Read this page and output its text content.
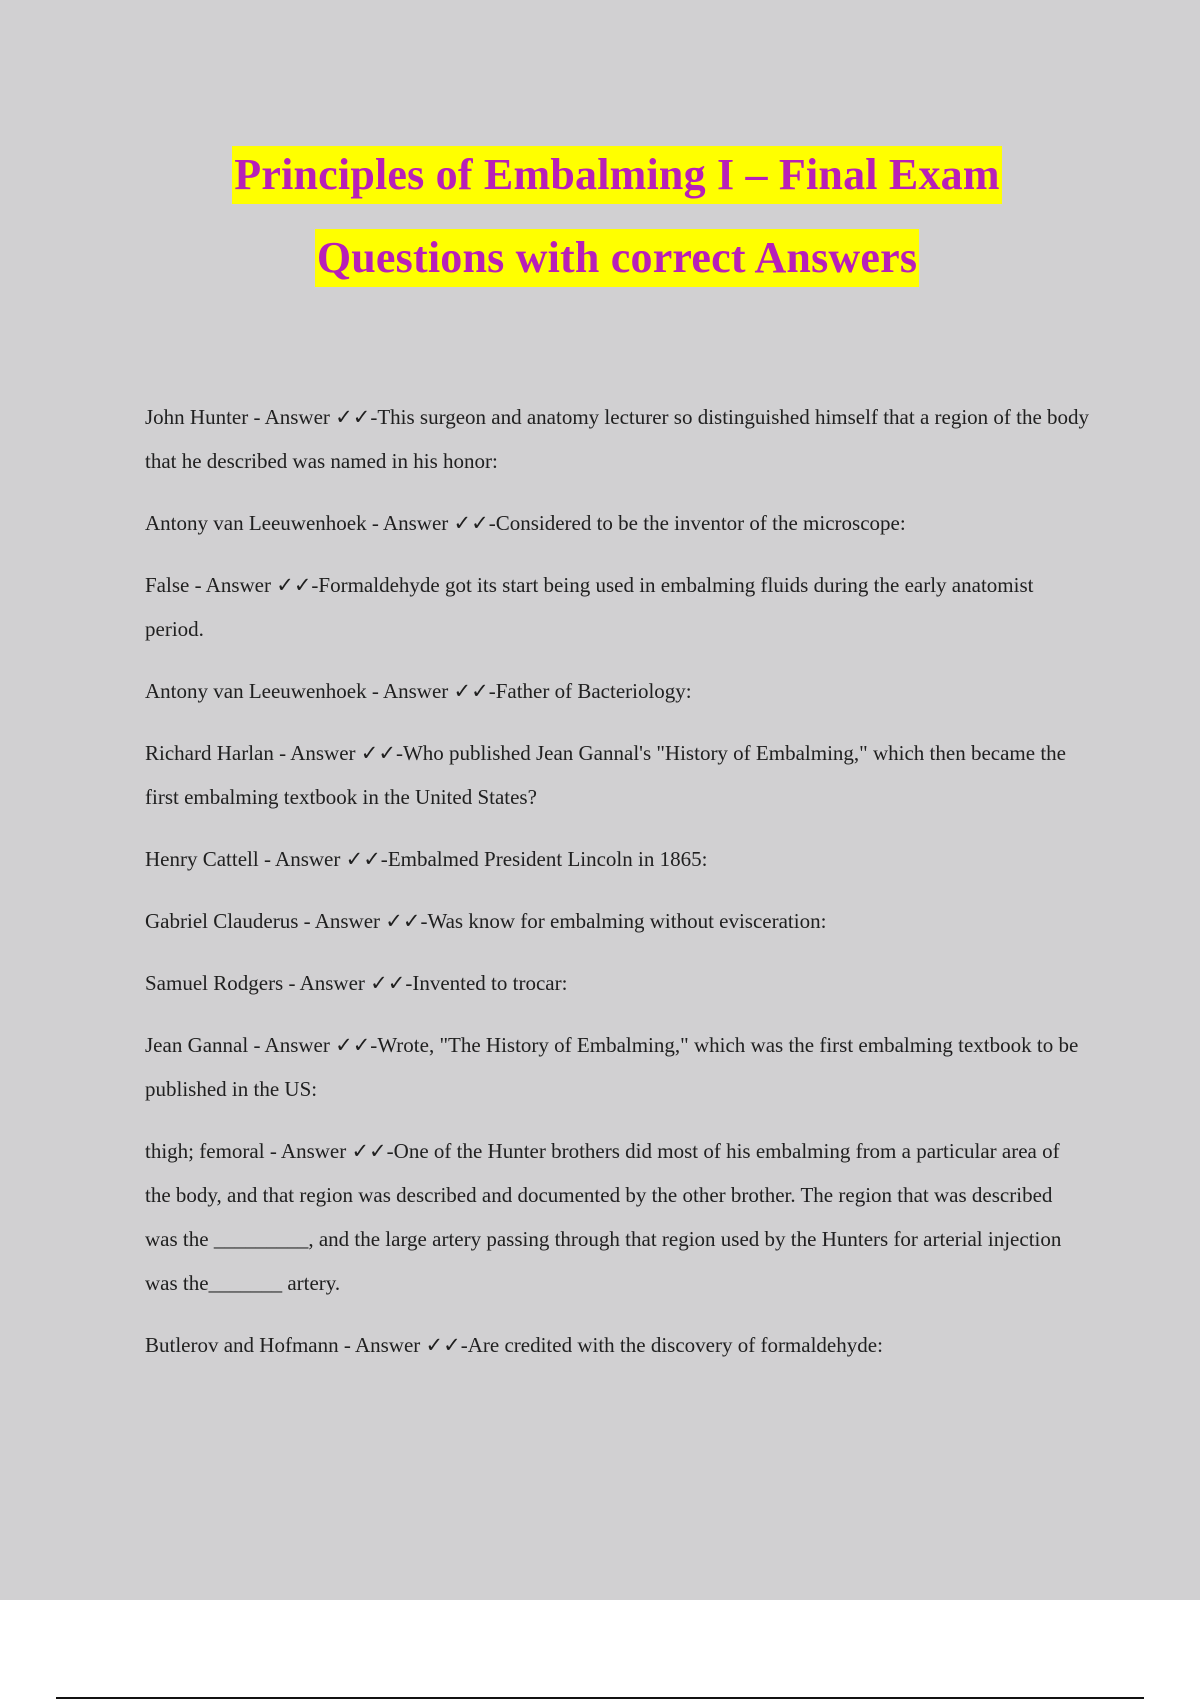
Principles of Embalming I – Final Exam
Questions with correct Answers

John Hunter - Answer ✓✓-This surgeon and anatomy lecturer so distinguished himself that a region of the body that he described was named in his honor:

Antony van Leeuwenhoek - Answer ✓✓-Considered to be the inventor of the microscope:

False - Answer ✓✓-Formaldehyde got its start being used in embalming fluids during the early anatomist period.

Antony van Leeuwenhoek - Answer ✓✓-Father of Bacteriology:

Richard Harlan - Answer ✓✓-Who published Jean Gannal's "History of Embalming," which then became the first embalming textbook in the United States?

Henry Cattell - Answer ✓✓-Embalmed President Lincoln in 1865:

Gabriel Clauderus - Answer ✓✓-Was know for embalming without evisceration:

Samuel Rodgers - Answer ✓✓-Invented to trocar:

Jean Gannal - Answer ✓✓-Wrote, "The History of Embalming," which was the first embalming textbook to be published in the US:

thigh; femoral - Answer ✓✓-One of the Hunter brothers did most of his embalming from a particular area of the body, and that region was described and documented by the other brother. The region that was described was the _________, and the large artery passing through that region used by the Hunters for arterial injection was the_______ artery.

Butlerov and Hofmann - Answer ✓✓-Are credited with the discovery of formaldehyde:
